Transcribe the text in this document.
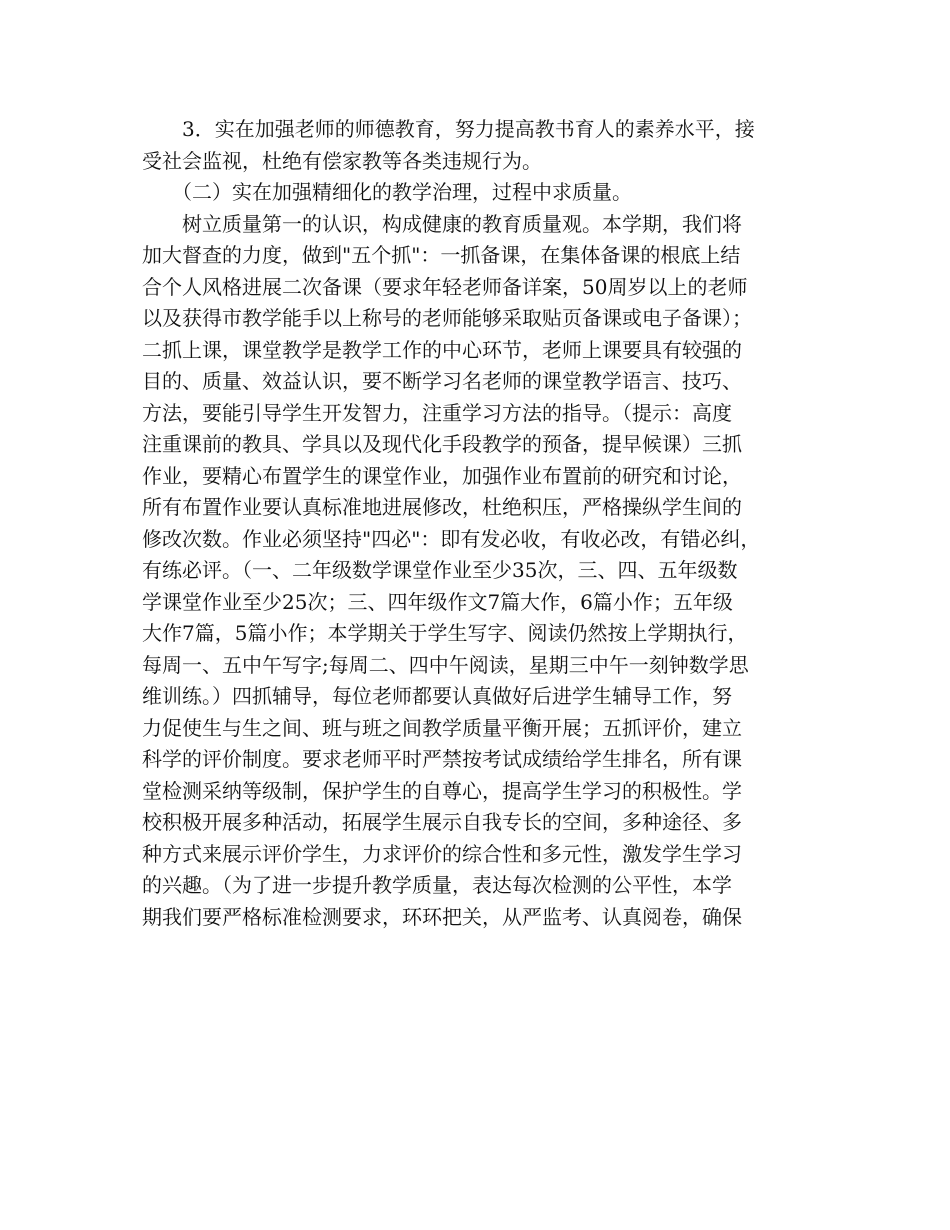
　　3．实在加强老师的师德教育，努力提高教书育人的素养水平，接
受社会监视，杜绝有偿家教等各类违规行为。
　　（二）实在加强精细化的教学治理，过程中求质量。
　　树立质量第一的认识，构成健康的教育质量观。本学期，我们将
加大督查的力度，做到"五个抓"：一抓备课，在集体备课的根底上结
合个人风格进展二次备课（要求年轻老师备详案，50周岁以上的老师
以及获得市教学能手以上称号的老师能够采取贴页备课或电子备课）；
二抓上课，课堂教学是教学工作的中心环节，老师上课要具有较强的
目的、质量、效益认识，要不断学习名老师的课堂教学语言、技巧、
方法，要能引导学生开发智力，注重学习方法的指导。（提示：高度
注重课前的教具、学具以及现代化手段教学的预备，提早候课）三抓
作业，要精心布置学生的课堂作业，加强作业布置前的研究和讨论，
所有布置作业要认真标准地进展修改，杜绝积压，严格操纵学生间的
修改次数。作业必须坚持"四必"：即有发必收，有收必改，有错必纠，
有练必评。（一、二年级数学课堂作业至少35次，三、四、五年级数
学课堂作业至少25次；三、四年级作文7篇大作，6篇小作；五年级
大作7篇，5篇小作；本学期关于学生写字、阅读仍然按上学期执行，
每周一、五中午写字;每周二、四中午阅读，星期三中午一刻钟数学思
维训练。）四抓辅导，每位老师都要认真做好后进学生辅导工作，努
力促使生与生之间、班与班之间教学质量平衡开展；五抓评价，建立
科学的评价制度。要求老师平时严禁按考试成绩给学生排名，所有课
堂检测采纳等级制，保护学生的自尊心，提高学生学习的积极性。学
校积极开展多种活动，拓展学生展示自我专长的空间，多种途径、多
种方式来展示评价学生，力求评价的综合性和多元性，激发学生学习
的兴趣。（为了进一步提升教学质量，表达每次检测的公平性，本学
期我们要严格标准检测要求，环环把关，从严监考、认真阅卷，确保
